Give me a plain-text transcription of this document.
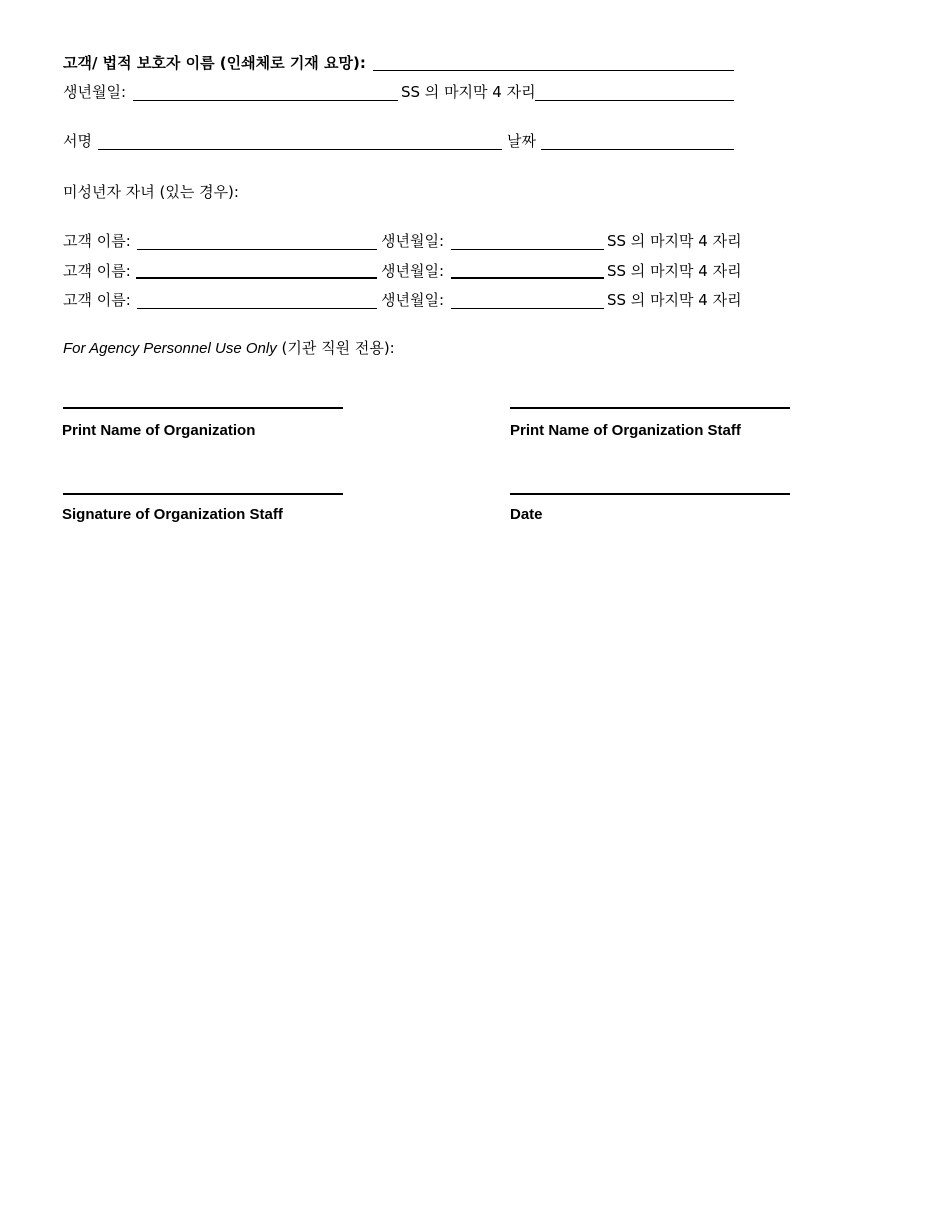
고객/ 법적 보호자 이름 (인쇄체로 기재 요망):
생년월일:	SS 의 마지막 4 자리
서명	날짜
미성년자 자녀 (있는 경우):
고객 이름:	생년월일:	SS 의 마지막 4 자리
고객 이름:	생년월일:	SS 의 마지막 4 자리
고객 이름:	생년월일:	SS 의 마지막 4 자리
For Agency Personnel Use Only (기관 직원 전용):
Print Name of Organization	Print Name of Organization Staff
Signature of Organization Staff	Date
